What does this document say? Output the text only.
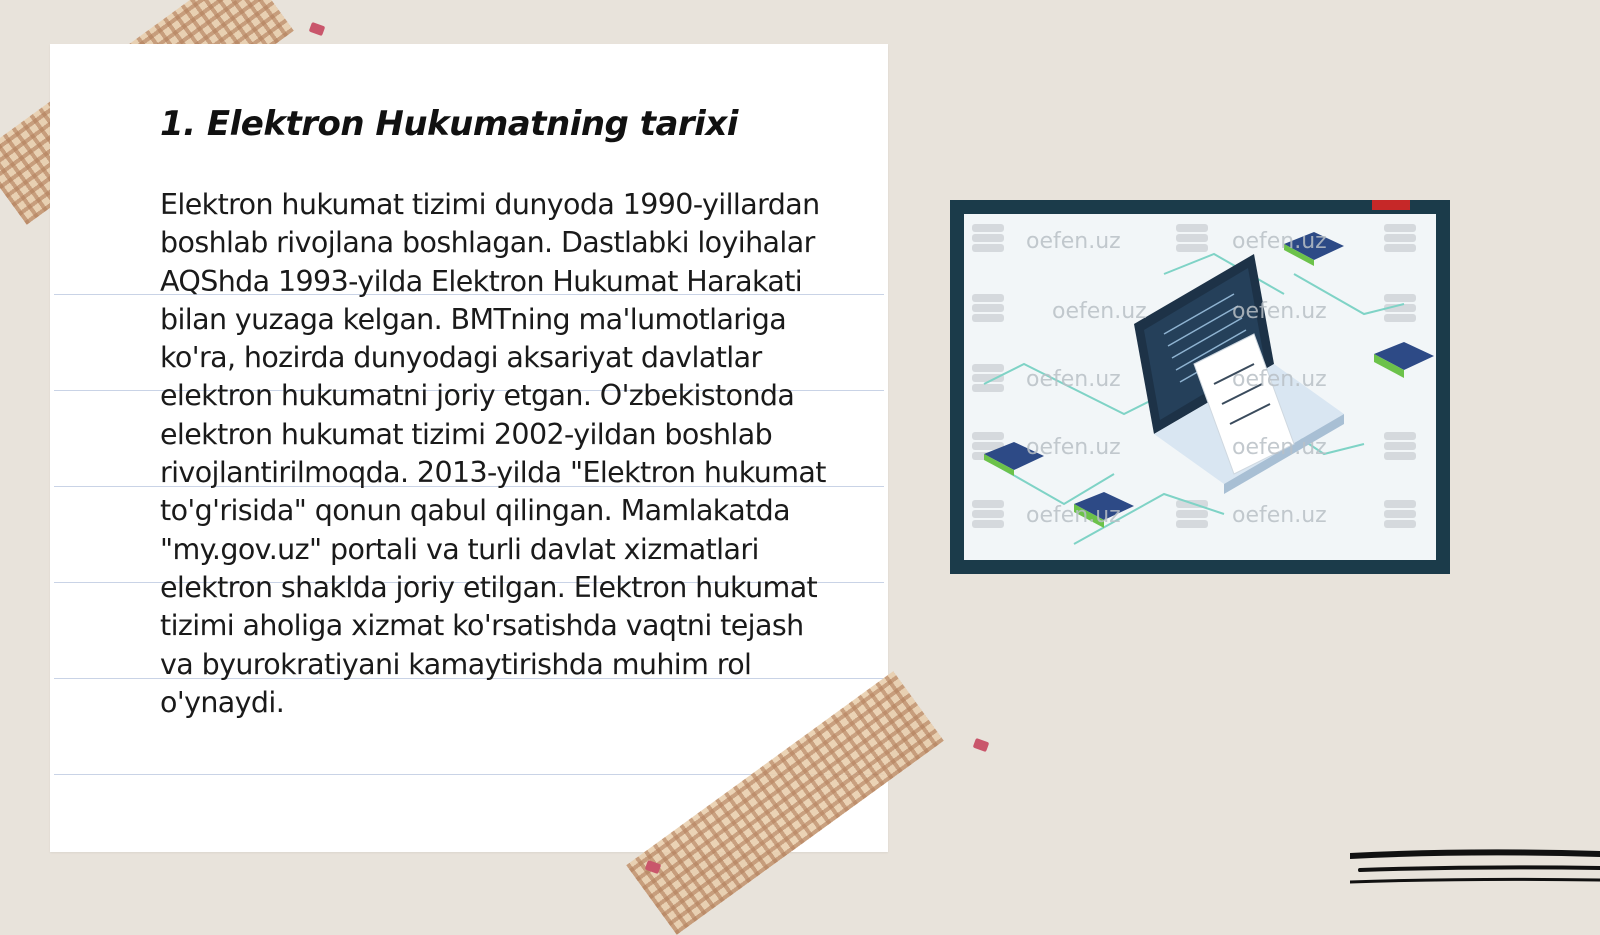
1. Elektron Hukumatning tarixi

Elektron hukumat tizimi dunyoda 1990-yillardan boshlab rivojlana boshlagan. Dastlabki loyihalar AQShda 1993-yilda Elektron Hukumat Harakati bilan yuzaga kelgan. BMTning ma'lumotlariga ko'ra, hozirda dunyodagi aksariyat davlatlar elektron hukumatni joriy etgan. O'zbekistonda elektron hukumat tizimi 2002-yildan boshlab rivojlantirilmoqda. 2013-yilda "Elektron hukumat to'g'risida" qonun qabul qilingan. Mamlakatda "my.gov.uz" portali va turli davlat xizmatlari elektron shaklda joriy etilgan. Elektron hukumat tizimi aholiga xizmat ko'rsatishda vaqtni tejash va byurokratiyani kamaytirishda muhim rol o'ynaydi.

oefen.uz	oefen.uz
oefen.uz	oefen.uz
oefen.uz	oefen.uz
oefen.uz	oefen.uz
oefen.uz	oefen.uz
